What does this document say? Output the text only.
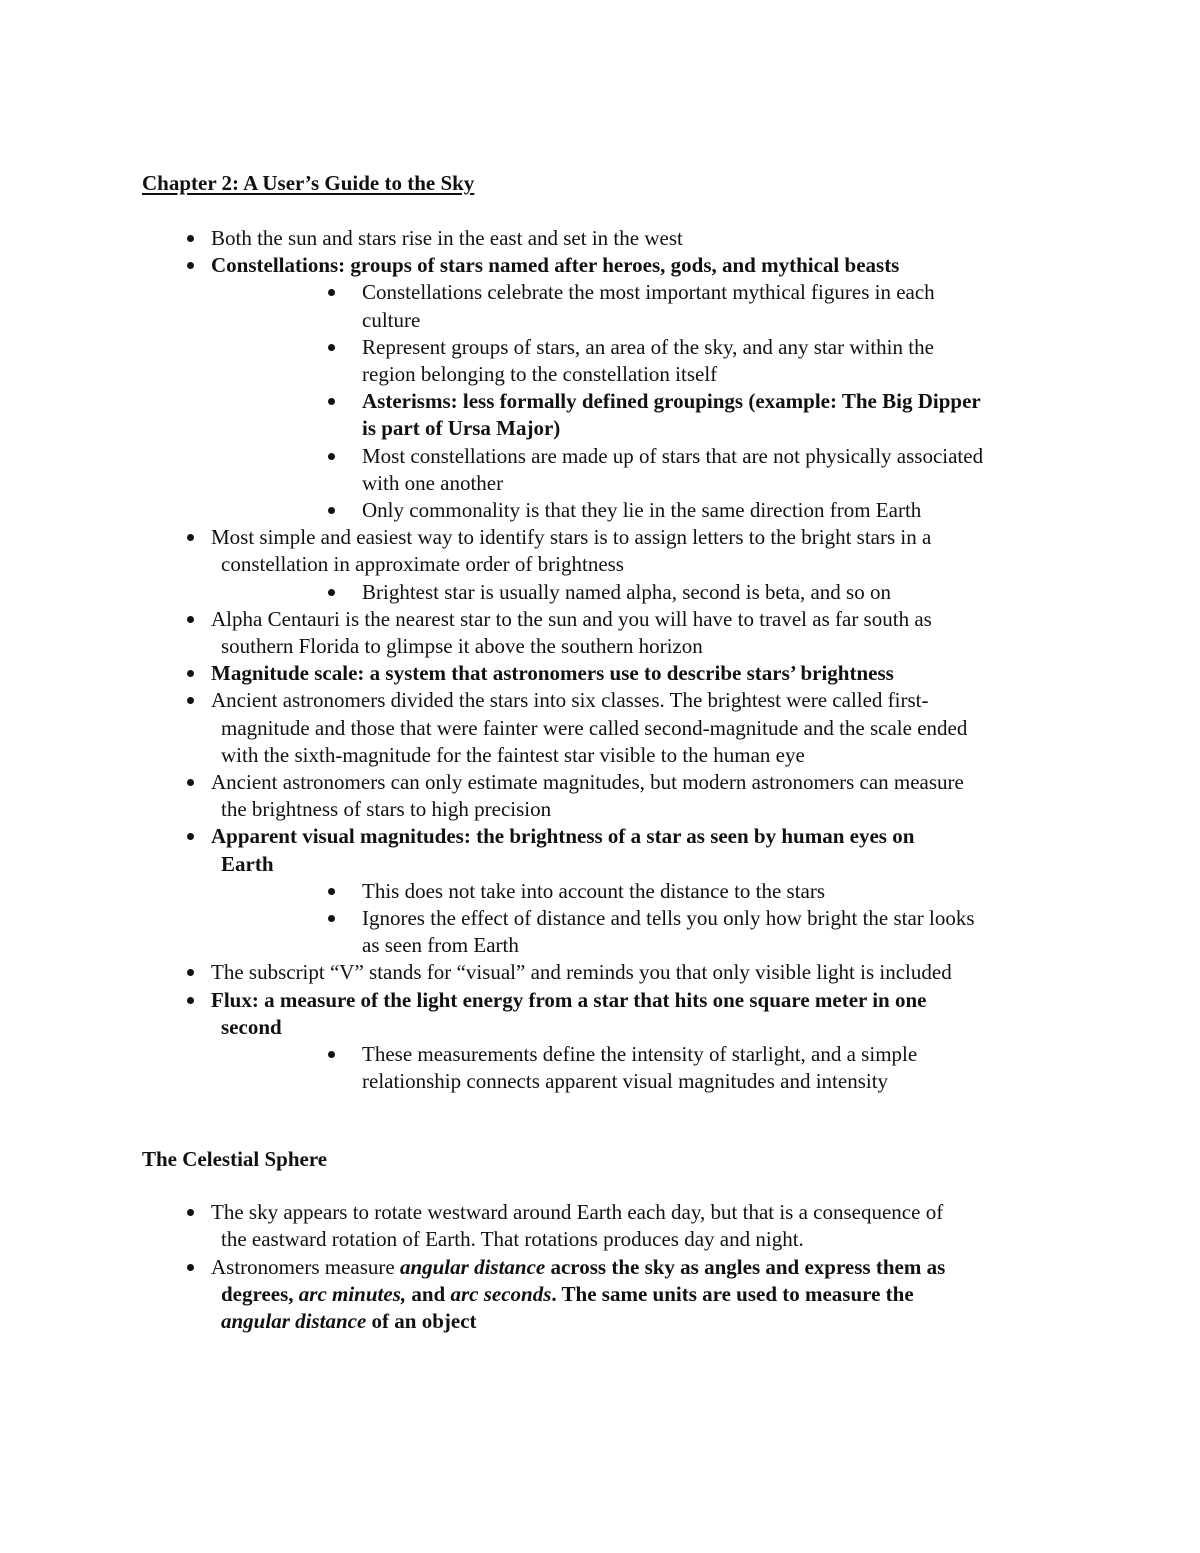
Chapter 2: A User’s Guide to the Sky
Both the sun and stars rise in the east and set in the west
Constellations: groups of stars named after heroes, gods, and mythical beasts
Constellations celebrate the most important mythical figures in each
culture
Represent groups of stars, an area of the sky, and any star within the
region belonging to the constellation itself
Asterisms: less formally defined groupings (example: The Big Dipper
is part of Ursa Major)
Most constellations are made up of stars that are not physically associated
with one another
Only commonality is that they lie in the same direction from Earth
Most simple and easiest way to identify stars is to assign letters to the bright stars in a
constellation in approximate order of brightness
Brightest star is usually named alpha, second is beta, and so on
Alpha Centauri is the nearest star to the sun and you will have to travel as far south as
southern Florida to glimpse it above the southern horizon
Magnitude scale: a system that astronomers use to describe stars’ brightness
Ancient astronomers divided the stars into six classes. The brightest were called first-
magnitude and those that were fainter were called second-magnitude and the scale ended
with the sixth-magnitude for the faintest star visible to the human eye
Ancient astronomers can only estimate magnitudes, but modern astronomers can measure
the brightness of stars to high precision
Apparent visual magnitudes: the brightness of a star as seen by human eyes on
Earth
This does not take into account the distance to the stars
Ignores the effect of distance and tells you only how bright the star looks
as seen from Earth
The subscript “V” stands for “visual” and reminds you that only visible light is included
Flux: a measure of the light energy from a star that hits one square meter in one
second
These measurements define the intensity of starlight, and a simple
relationship connects apparent visual magnitudes and intensity
The Celestial Sphere
The sky appears to rotate westward around Earth each day, but that is a consequence of
the eastward rotation of Earth. That rotations produces day and night.
Astronomers measure angular distance across the sky as angles and express them as
degrees, arc minutes, and arc seconds. The same units are used to measure the
angular distance of an object
